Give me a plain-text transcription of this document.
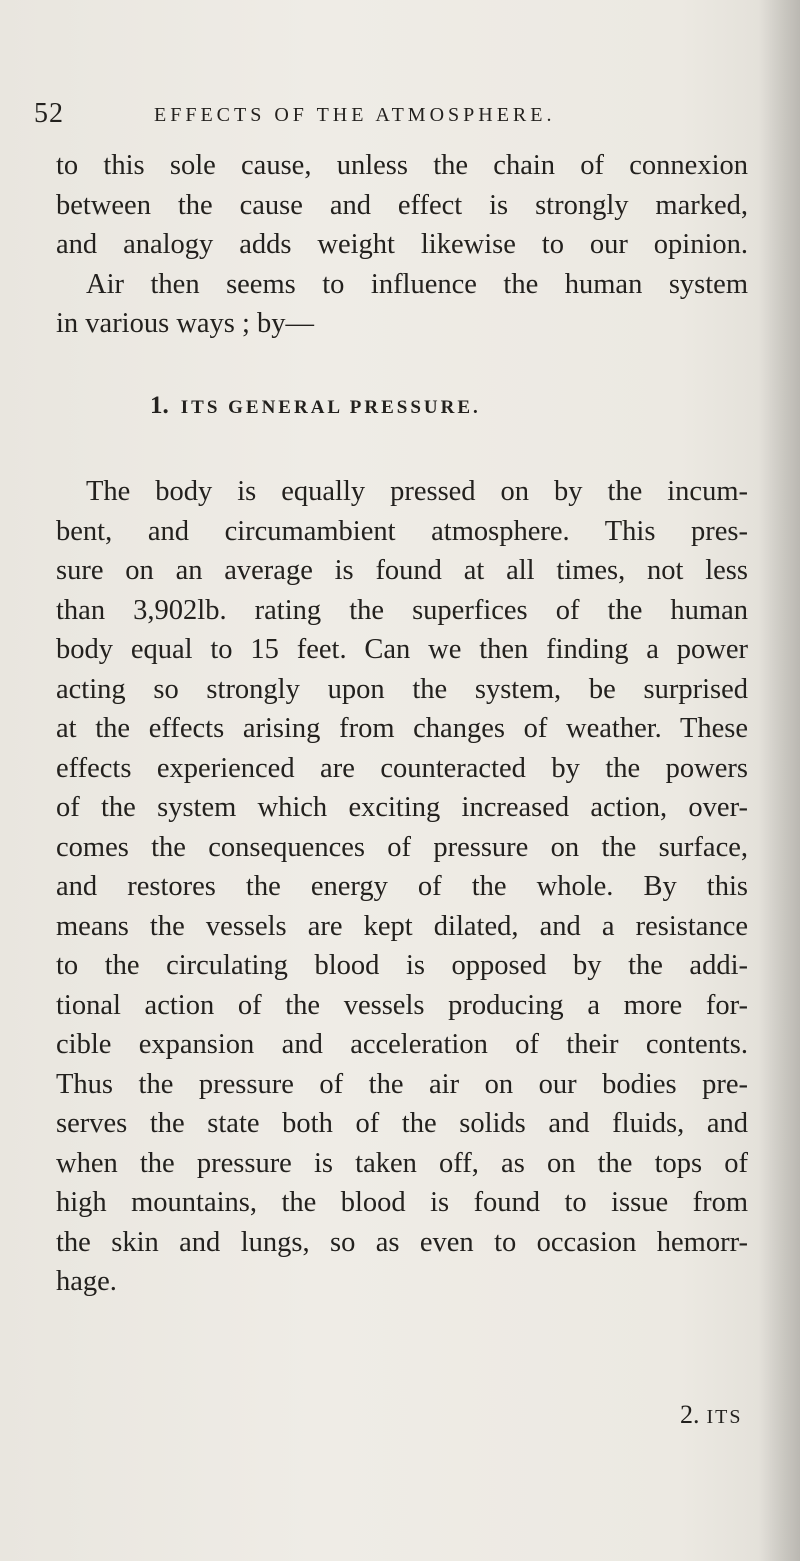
52	EFFECTS OF THE ATMOSPHERE.
to this sole cause, unless the chain of connexion
between the cause and effect is strongly marked,
and analogy adds weight likewise to our opinion.
Air then seems to influence the human system
in various ways ; by—
1. ITS GENERAL PRESSURE.
The body is equally pressed on by the incum-
bent, and circumambient atmosphere. This pres-
sure on an average is found at all times, not less
than 3,902lb. rating the superfices of the human
body equal to 15 feet. Can we then finding a power
acting so strongly upon the system, be surprised
at the effects arising from changes of weather. These
effects experienced are counteracted by the powers
of the system which exciting increased action, over-
comes the consequences of pressure on the surface,
and restores the energy of the whole. By this
means the vessels are kept dilated, and a resistance
to the circulating blood is opposed by the addi-
tional action of the vessels producing a more for-
cible expansion and acceleration of their contents.
Thus the pressure of the air on our bodies pre-
serves the state both of the solids and fluids, and
when the pressure is taken off, as on the tops of
high mountains, the blood is found to issue from
the skin and lungs, so as even to occasion hemorr-
hage.
2. ITS
